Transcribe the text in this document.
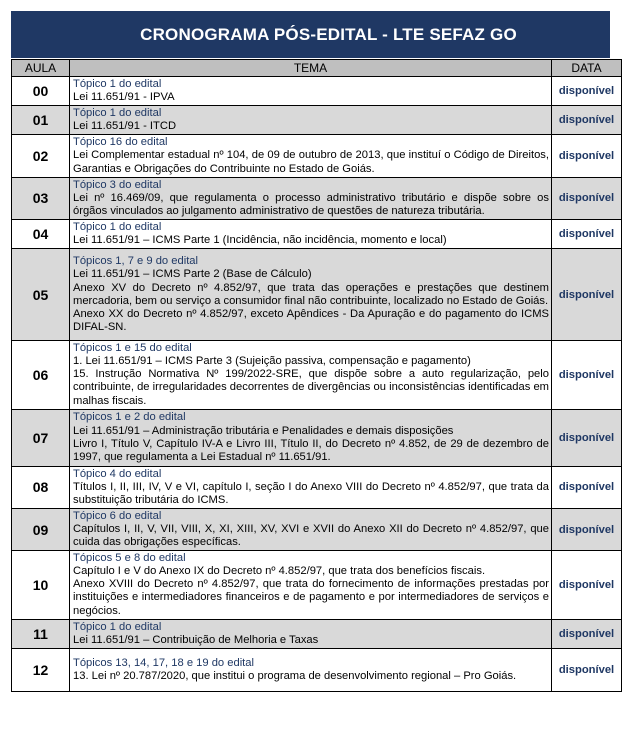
CRONOGRAMA PÓS-EDITAL - LTE SEFAZ GO
AULA	TEMA	DATA
00	Tópico 1 do edital
Lei 11.651/91 - IPVA	disponível
01	Tópico 1 do edital
Lei 11.651/91 - ITCD	disponível
02	Tópico 16 do edital
Lei Complementar estadual nº 104, de 09 de outubro de 2013, que instituí o Código de Direitos, Garantias e Obrigações do Contribuinte no Estado de Goiás.	disponível
03	Tópico 3 do edital
Lei nº 16.469/09, que regulamenta o processo administrativo tributário e dispõe sobre os órgãos vinculados ao julgamento administrativo de questões de natureza tributária.	disponível
04	Tópico 1 do edital
Lei 11.651/91 – ICMS Parte 1 (Incidência, não incidência, momento e local)	disponível
05	Tópicos 1, 7 e 9 do edital
Lei 11.651/91 – ICMS Parte 2 (Base de Cálculo)
Anexo XV do Decreto nº 4.852/97, que trata das operações e prestações que destinem mercadoria, bem ou serviço a consumidor final não contribuinte, localizado no Estado de Goiás.
Anexo XX do Decreto nº 4.852/97, exceto Apêndices - Da Apuração e do pagamento do ICMS DIFAL-SN.	disponível
06	Tópicos 1 e 15 do edital
1. Lei 11.651/91 – ICMS Parte 3 (Sujeição passiva, compensação e pagamento)
15. Instrução Normativa Nº 199/2022-SRE, que dispõe sobre a auto regularização, pelo contribuinte, de irregularidades decorrentes de divergências ou inconsistências identificadas em malhas fiscais.	disponível
07	Tópicos 1 e 2 do edital
Lei 11.651/91 – Administração tributária e Penalidades e demais disposições
Livro I, Título V, Capítulo IV-A e Livro III, Título II, do Decreto nº 4.852, de 29 de dezembro de 1997, que regulamenta a Lei Estadual nº 11.651/91.	disponível
08	Tópico 4 do edital
Títulos I, II, III, IV, V e VI, capítulo I, seção I do Anexo VIII do Decreto nº 4.852/97, que trata da substituição tributária do ICMS.	disponível
09	Tópico 6 do edital
Capítulos I, II, V, VII, VIII, X, XI, XIII, XV, XVI e XVII do Anexo XII do Decreto nº 4.852/97, que cuida das obrigações específicas.	disponível
10	Tópicos 5 e 8 do edital
Capítulo I e V do Anexo IX do Decreto nº 4.852/97, que trata dos benefícios fiscais.
Anexo XVIII do Decreto nº 4.852/97, que trata do fornecimento de informações prestadas por instituições e intermediadores financeiros e de pagamento e por intermediadores de serviços e negócios.	disponível
11	Tópico 1 do edital
Lei 11.651/91 – Contribuição de Melhoria e Taxas	disponível
12	Tópicos 13, 14, 17, 18 e 19 do edital
13. Lei nº 20.787/2020, que institui o programa de desenvolvimento regional – Pro Goiás.	disponível
